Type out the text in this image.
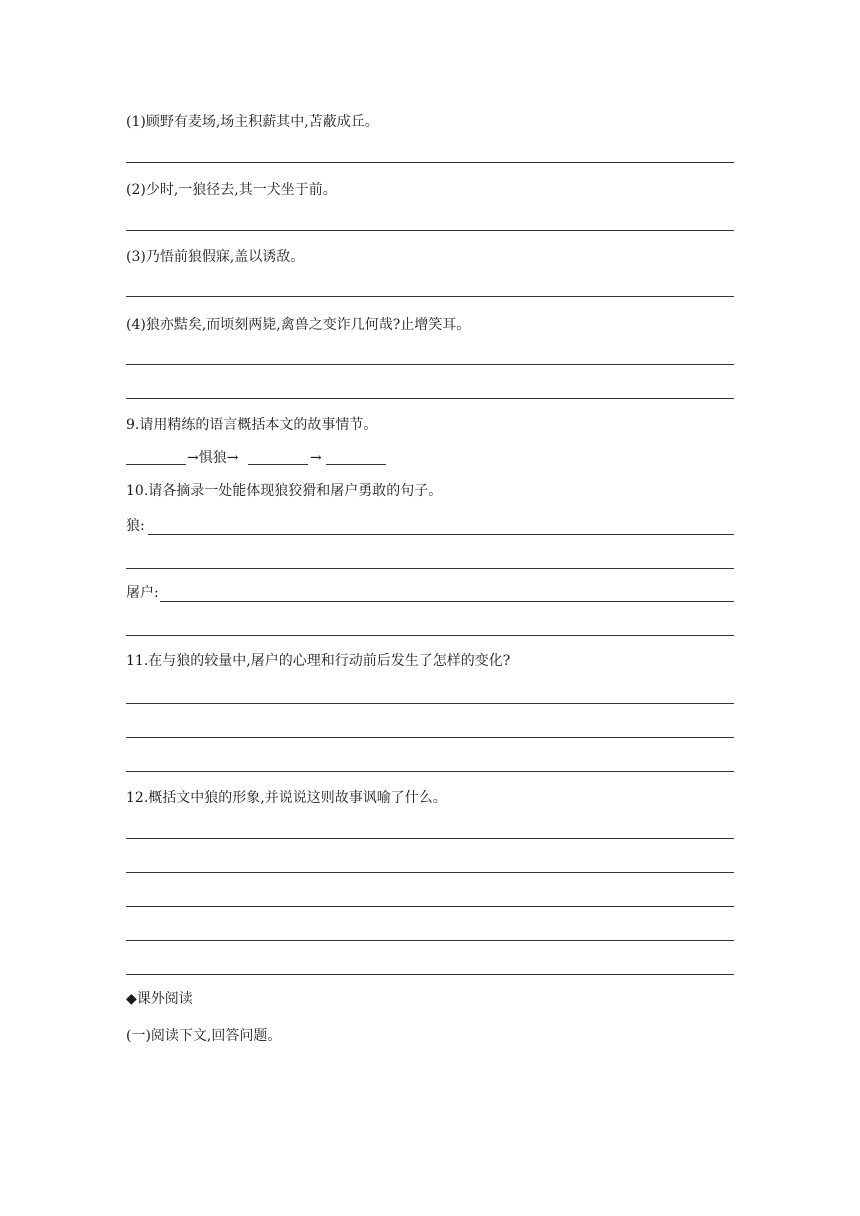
(1)顾野有麦场,场主积薪其中,苫蔽成丘。
(2)少时,一狼径去,其一犬坐于前。
(3)乃悟前狼假寐,盖以诱敌。
(4)狼亦黠矣,而顷刻两毙,禽兽之变诈几何哉?止增笑耳。
9.请用精练的语言概括本文的故事情节。
→惧狼→	→
10.请各摘录一处能体现狼狡猾和屠户勇敢的句子。
狼:
屠户:
11.在与狼的较量中,屠户的心理和行动前后发生了怎样的变化?
12.概括文中狼的形象,并说说这则故事讽喻了什么。
◆课外阅读
(一)阅读下文,回答问题。
